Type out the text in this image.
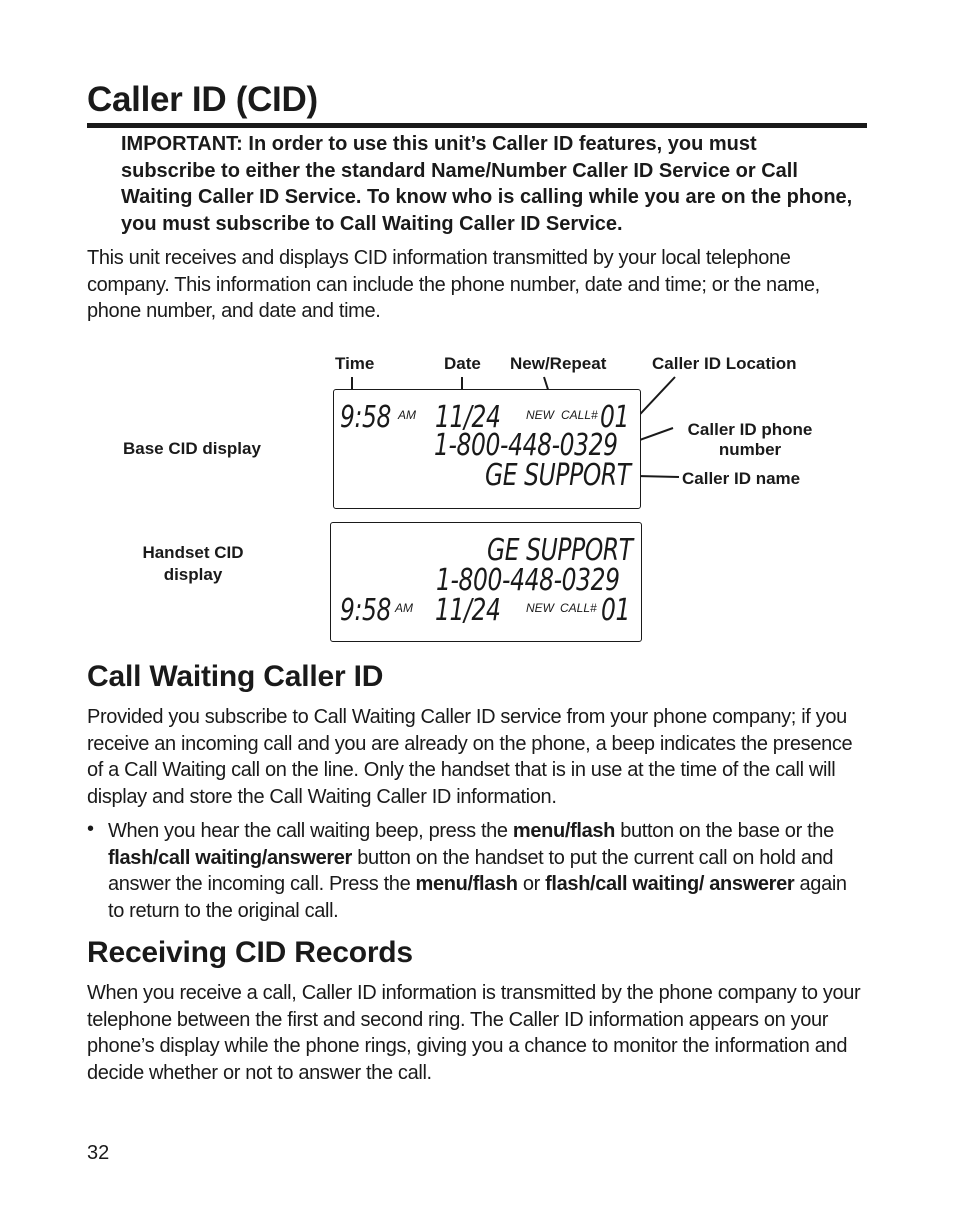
Caller ID (CID)
IMPORTANT: In order to use this unit’s Caller ID features, you must subscribe to either the standard Name/Number Caller ID Service or Call Waiting Caller ID Service. To know who is calling while you are on the phone, you must subscribe to Call Waiting Caller ID Service.
This unit receives and displays CID information transmitted by your local telephone company. This information can include the phone number, date and time; or the name, phone number, and date and time.
Time	Date New/Repeat	Caller ID Location
Caller ID phone
number
Caller ID name
Base CID display
Handset CID
display
9:58 AM 11/24 NEW CALL# 01
1-800-448-0329
GE SUPPORT
GE SUPPORT
1-800-448-0329
9:58 AM 11/24 NEW CALL# 01
Call Waiting Caller ID
Provided you subscribe to Call Waiting Caller ID service from your phone company; if you receive an incoming call and you are already on the phone, a beep indicates the presence of a Call Waiting call on the line. Only the handset that is in use at the time of the call will display and store the Call Waiting Caller ID information.
• When you hear the call waiting beep, press the menu/flash button on the base or the flash/call waiting/answerer button on the handset to put the current call on hold and answer the incoming call. Press the menu/flash or flash/call waiting/ answerer again to return to the original call.
Receiving CID Records
When you receive a call, Caller ID information is transmitted by the phone company to your telephone between the first and second ring. The Caller ID information appears on your phone’s display while the phone rings, giving you a chance to monitor the information and decide whether or not to answer the call.
32
